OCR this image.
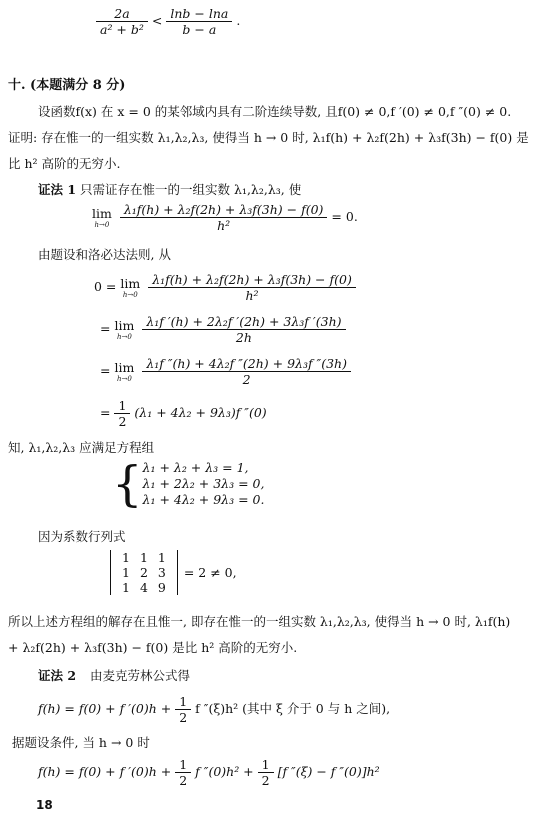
$\frac{2a}{\text{a² + b²}} < \frac{\ln b - \ln a}{b - a}$ .
十. (本题满分 8 分)
设函数f(x) 在 x = 0 的某邻域内具有二阶连续导数, 且f(0) ≠ 0,f ′(0) ≠ 0,f ″(0) ≠ 0.
证明: 存在惟一的一组实数 λ₁,λ₂,λ₃, 使得当 h → 0 时, λ₁f(h) + λ₂f(2h) + λ₃f(3h) − f(0) 是
比 h² 高阶的无穷小.
证法 1 只需证存在惟一的一组实数 λ₁,λ₂,λ₃, 使
lim
h→0
$\frac{\text{λ₁f(h) + λ₂f(2h) + λ₃f(3h) − f(0)}}{\text{h²}} = 0$.
由题设和洛必达法则, 从
0 = lim
h→0
$\frac{\text{λ₁f(h) + λ₂f(2h) + λ₃f(3h) − f(0)}}{\text{h²}}$
= lim
h→0
$\frac{\text{λ₁f ′(h) + 2λ₂f ′(2h) + 3λ₃f ′(3h)}}{2h}$
= lim
h→0
$\frac{\text{λ₁f ″(h) + 4λ₂f ″(2h) + 9λ₃f ″(3h)}}{2}$
= $\frac{1}{2} (\lambda_1 + 4\lambda_2 + 9\lambda_3)f$ ″(0)
知, λ₁,λ₂,λ₃ 应满足方程组
{ λ₁ + λ₂ + λ₃ = 1,
λ₁ + 2λ₂ + 3λ₃ = 0,
λ₁ + 4λ₂ + 9λ₃ = 0.
因为系数行列式
1	1	1
1	2	3
1	4	9
= 2 ≠ 0,
所以上述方程组的解存在且惟一, 即存在惟一的一组实数 λ₁,λ₂,λ₃, 使得当 h → 0 时, λ₁f(h)
+ λ₂f(2h) + λ₃f(3h) − f(0) 是比 h² 高阶的无穷小.
证法 2 由麦克劳林公式得
f(h) = f(0) + f $'(0)h + \frac{1}{2}$ f ″(ξ)h² (其中 ξ 介于 0 与 h 之间),
据题设条件, 当 h → 0 时
f(h) = f(0) + f $'(0)h + \frac{1}{2}$ f $''(0)h^2 + \frac{1}{2} [f$ ″(ξ) − f ″(0)]h²
18
